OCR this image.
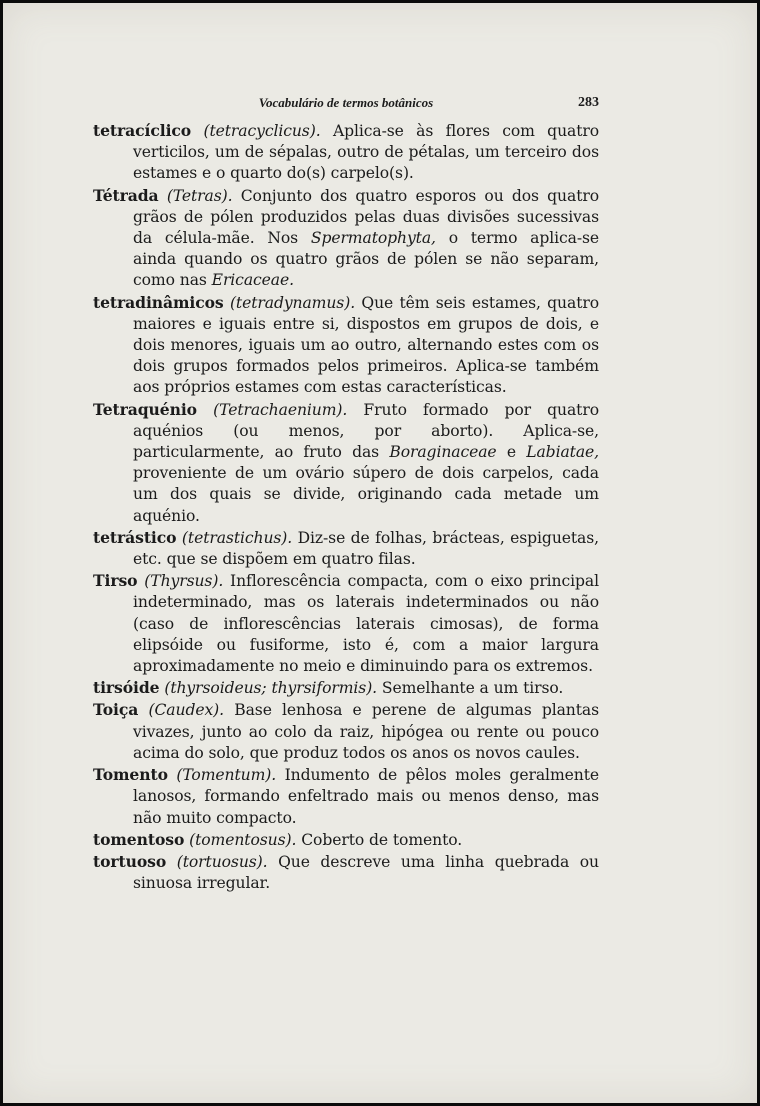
Vocabulário de termos botânicos	283

tetracíclico (tetracyclicus). Aplica-se às flores com quatro verticilos, um de sépalas, outro de pétalas, um terceiro dos estames e o quarto do(s) carpelo(s).

Tétrada (Tetras). Conjunto dos quatro esporos ou dos quatro grãos de pólen produzidos pelas duas divisões sucessivas da célula-mãe. Nos Spermatophyta, o termo aplica-se ainda quando os quatro grãos de pólen se não separam, como nas Ericaceae.

tetradinâmicos (tetradynamus). Que têm seis estames, quatro maiores e iguais entre si, dispostos em grupos de dois, e dois menores, iguais um ao outro, alternando estes com os dois grupos formados pelos primeiros. Aplica-se também aos próprios estames com estas características.

Tetraquénio (Tetrachaenium). Fruto formado por quatro aquénios (ou menos, por aborto). Aplica-se, particularmente, ao fruto das Boraginaceae e Labiatae, proveniente de um ovário súpero de dois carpelos, cada um dos quais se divide, originando cada metade um aquénio.

tetrástico (tetrastichus). Diz-se de folhas, brácteas, espiguetas, etc. que se dispõem em quatro filas.

Tirso (Thyrsus). Inflorescência compacta, com o eixo principal indeterminado, mas os laterais indeterminados ou não (caso de inflorescências laterais cimosas), de forma elipsóide ou fusiforme, isto é, com a maior largura aproximadamente no meio e diminuindo para os extremos.

tirsóide (thyrsoideus; thyrsiformis). Semelhante a um tirso.

Toiça (Caudex). Base lenhosa e perene de algumas plantas vivazes, junto ao colo da raiz, hipógea ou rente ou pouco acima do solo, que produz todos os anos os novos caules.

Tomento (Tomentum). Indumento de pêlos moles geralmente lanosos, formando enfeltrado mais ou menos denso, mas não muito compacto.

tomentoso (tomentosus). Coberto de tomento.

tortuoso (tortuosus). Que descreve uma linha quebrada ou sinuosa irregular.
